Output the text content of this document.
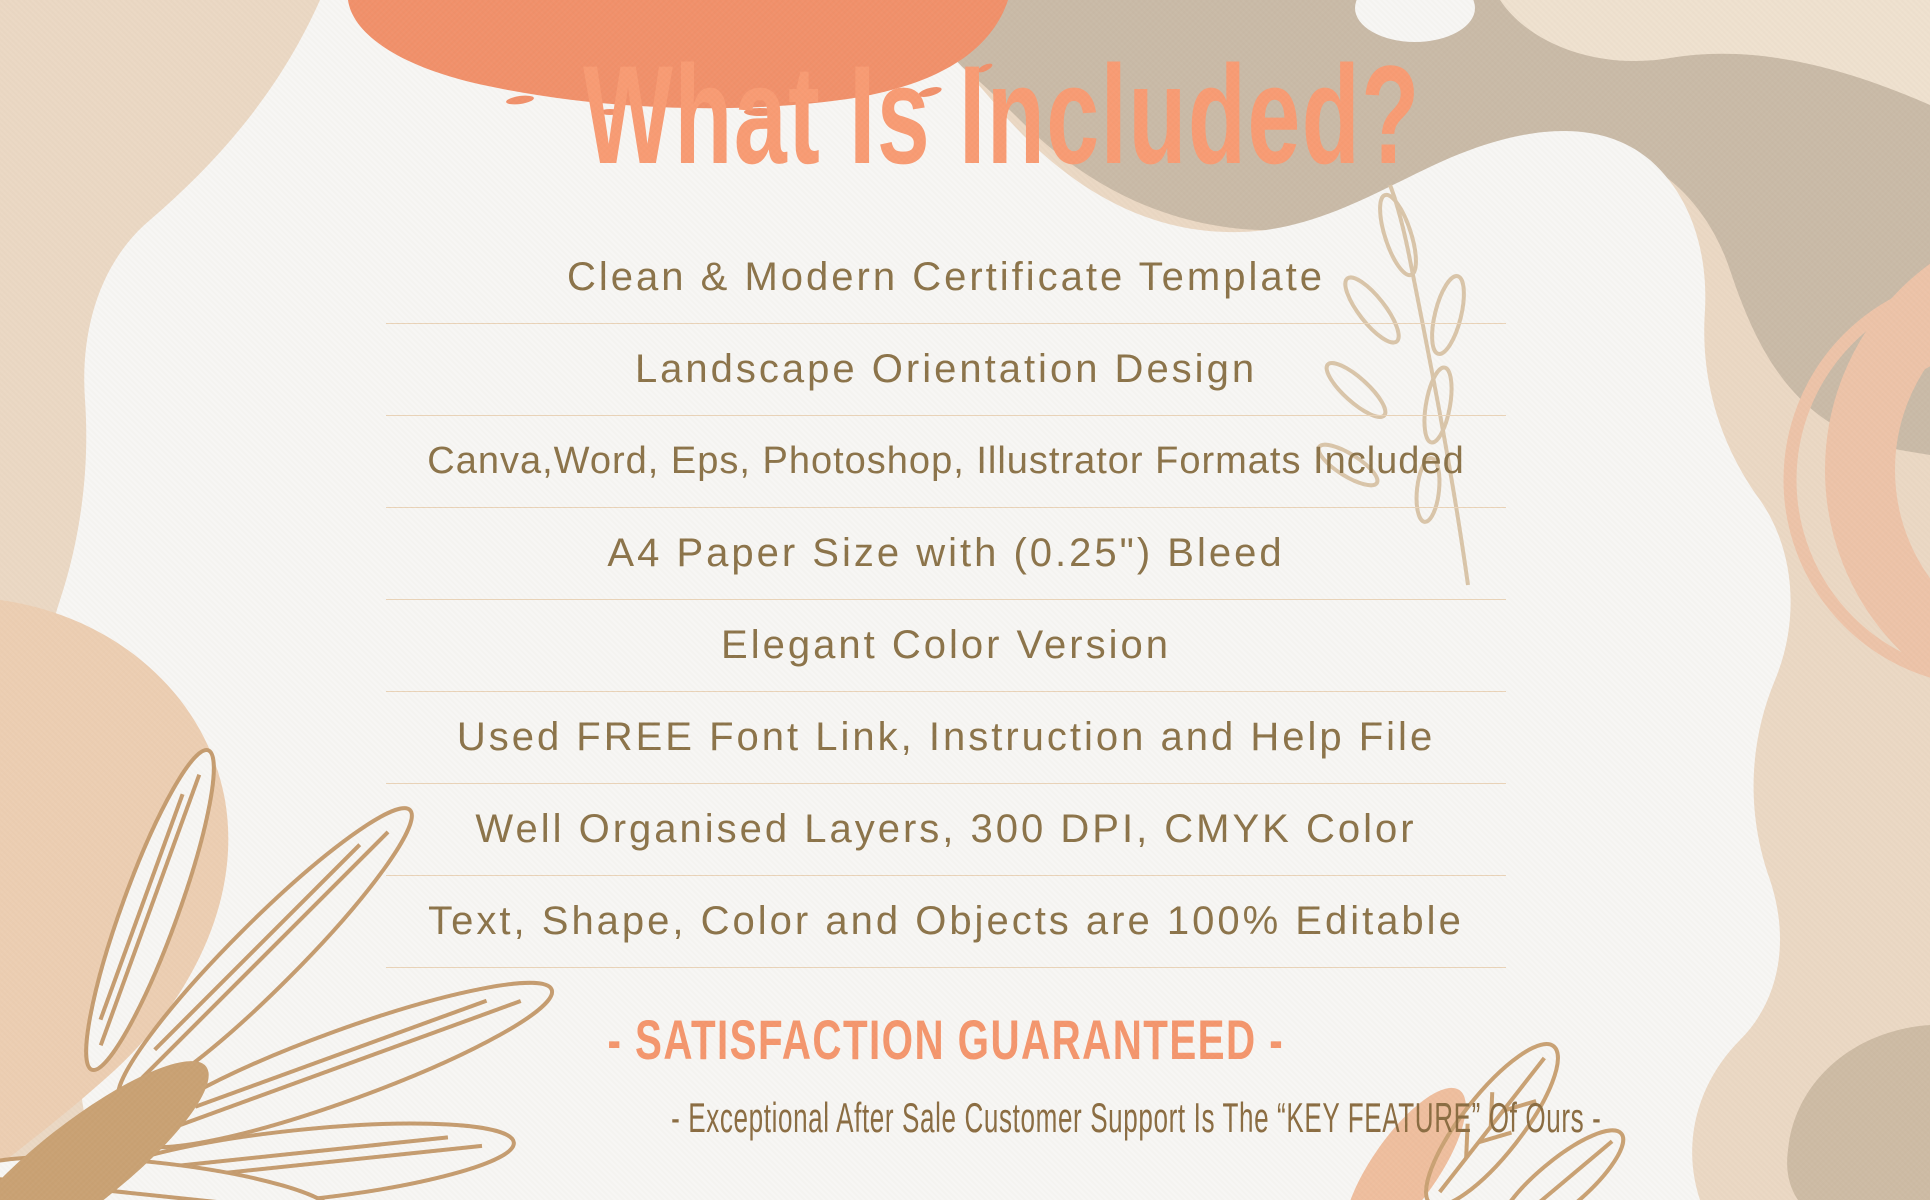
What Is Included?
Clean & Modern Certificate Template
Landscape Orientation Design
Canva,Word, Eps, Photoshop, Illustrator Formats Included
A4 Paper Size with (0.25") Bleed
Elegant Color Version
Used FREE Font Link, Instruction and Help File
Well Organised Layers, 300 DPI, CMYK Color
Text, Shape, Color and Objects are 100% Editable
- SATISFACTION GUARANTEED -
- Exceptional After Sale Customer Support Is The “KEY FEATURE” Of Ours -
